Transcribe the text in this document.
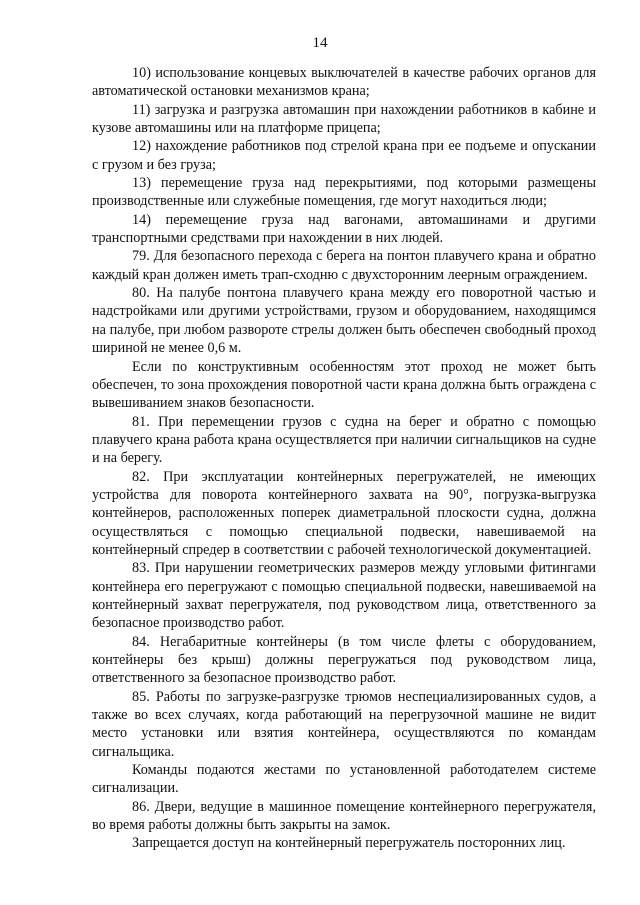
14

10) использование концевых выключателей в качестве рабочих органов для автоматической остановки механизмов крана;

11) загрузка и разгрузка автомашин при нахождении работников в кабине и кузове автомашины или на платформе прицепа;

12) нахождение работников под стрелой крана при ее подъеме и опускании с грузом и без груза;

13) перемещение груза над перекрытиями, под которыми размещены производственные или служебные помещения, где могут находиться люди;

14) перемещение груза над вагонами, автомашинами и другими транспортными средствами при нахождении в них людей.

79. Для безопасного перехода с берега на понтон плавучего крана и обратно каждый кран должен иметь трап-сходню с двухсторонним леерным ограждением.

80. На палубе понтона плавучего крана между его поворотной частью и надстройками или другими устройствами, грузом и оборудованием, находящимся на палубе, при любом развороте стрелы должен быть обеспечен свободный проход шириной не менее 0,6 м.

Если по конструктивным особенностям этот проход не может быть обеспечен, то зона прохождения поворотной части крана должна быть ограждена с вывешиванием знаков безопасности.

81. При перемещении грузов с судна на берег и обратно с помощью плавучего крана работа крана осуществляется при наличии сигнальщиков на судне и на берегу.

82. При эксплуатации контейнерных перегружателей, не имеющих устройства для поворота контейнерного захвата на 90°, погрузка-выгрузка контейнеров, расположенных поперек диаметральной плоскости судна, должна осуществляться с помощью специальной подвески, навешиваемой на контейнерный спредер в соответствии с рабочей технологической документацией.

83. При нарушении геометрических размеров между угловыми фитингами контейнера его перегружают с помощью специальной подвески, навешиваемой на контейнерный захват перегружателя, под руководством лица, ответственного за безопасное производство работ.

84. Негабаритные контейнеры (в том числе флеты с оборудованием, контейнеры без крыш) должны перегружаться под руководством лица, ответственного за безопасное производство работ.

85. Работы по загрузке-разгрузке трюмов неспециализированных судов, а также во всех случаях, когда работающий на перегрузочной машине не видит место установки или взятия контейнера, осуществляются по командам сигнальщика.

Команды подаются жестами по установленной работодателем системе сигнализации.

86. Двери, ведущие в машинное помещение контейнерного перегружателя, во время работы должны быть закрыты на замок.

Запрещается доступ на контейнерный перегружатель посторонних лиц.
